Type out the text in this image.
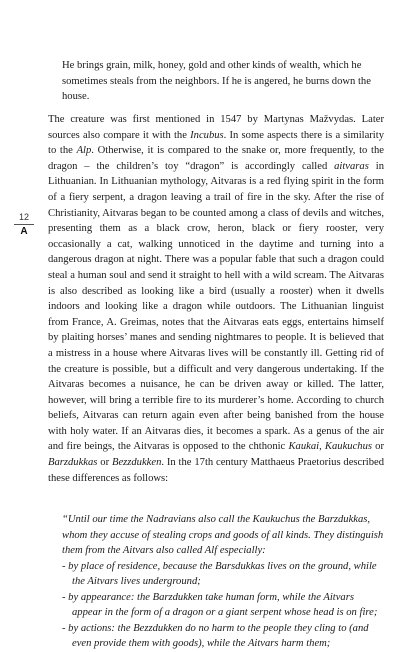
He brings grain, milk, honey, gold and other kinds of wealth, which he sometimes steals from the neighbors. If he is angered, he burns down the house.

12
A

The creature was first mentioned in 1547 by Martynas Mažvydas. Later sources also compare it with the Incubus. In some aspects there is a similarity to the Alp. Otherwise, it is compared to the snake or, more frequently, to the dragon – the children’s toy “dragon” is accordingly called aitvaras in Lithuanian. In Lithuanian mythology, Aitvaras is a red flying spirit in the form of a fiery serpent, a dragon leaving a trail of fire in the sky. After the rise of Christianity, Aitvaras began to be counted among a class of devils and witches, presenting them as a black crow, heron, black or fiery rooster, very occasionally a cat, walking unnoticed in the daytime and turning into a dangerous dragon at night. There was a popular fable that such a dragon could steal a human soul and send it straight to hell with a wild scream. The Aitvaras is also described as looking like a bird (usually a rooster) when it dwells indoors and looking like a dragon while outdoors. The Lithuanian linguist from France, A. Greimas, notes that the Aitvaras eats eggs, entertains himself by plaiting horses’ manes and sending nightmares to people. It is believed that a mistress in a house where Aitvaras lives will be constantly ill. Getting rid of the creature is possible, but a difficult and very dangerous undertaking. If the Aitvaras becomes a nuisance, he can be driven away or killed. The latter, however, will bring a terrible fire to its murderer’s home. According to church beliefs, Aitvaras can return again even after being banished from the house with holy water. If an Aitvaras dies, it becomes a spark. As a genus of the air and fire beings, the Aitvaras is opposed to the chthonic Kaukai, Kaukuchus or Barzdukkas or Bezzdukken. In the 17th century Matthaeus Praetorius described these differences as follows:

“Until our time the Nadravians also call the Kaukuchus the Barzdukkas, whom they accuse of stealing crops and goods of all kinds. They distinguish them from the Aitvars also called Alf especially:

- by place of residence, because the Barsdukkas lives on the ground, while the Aitvars lives underground;
- by appearance: the Barzdukken take human form, while the Aitvars appear in the form of a dragon or a giant serpent whose head is on fire;
- by actions: the Bezzdukken do no harm to the people they cling to (and even provide them with goods), while the Aitvars harm them;
